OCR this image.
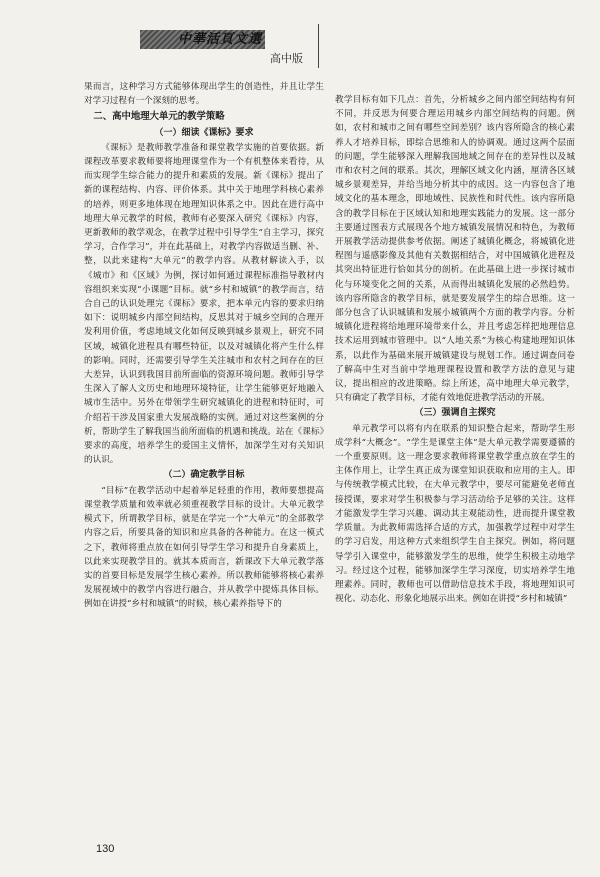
中華活頁文選
高中版

果而言，这种学习方式能够体现出学生的创造性，并且让学生对学习过程有一个深刻的思考。

二、高中地理大单元的教学策略
（一）细读《课标》要求

《课标》是教师教学准备和课堂教学实施的首要依据。新课程改革要求教师要将地理课堂作为一个有机整体来看待，从而实现学生综合能力的提升和素质的发展。新《课标》提出了新的课程结构、内容、评价体系。其中关于地理学科核心素养的培养，则更多地体现在地理知识体系之中。因此在进行高中地理大单元教学的时候，教师有必要深入研究《课标》内容，更新教师的教学观念，在教学过程中引导学生“自主学习，探究学习，合作学习”，并在此基础上，对教学内容做适当删、补、整，以此来建构“大单元”的教学内容。从教材解读入手，以《城市》和《区域》为例，探讨如何通过课程标准指导教材内容组织来实现“小课题”目标。就“乡村和城镇”的教学而言，结合自己的认识处理完《课标》要求，把本单元内容的要求归纳如下：说明城乡内部空间结构，反思其对于城乡空间的合理开发利用价值，考虑地域文化如何反映到城乡景观上，研究不同区域，城镇化进程具有哪些特征，以及对城镇化将产生什么样的影响。同时，还需要引导学生关注城市和农村之间存在的巨大差异，认识到我国目前所面临的资源环境问题。教师引导学生深入了解人文历史和地理环境特征，让学生能够更好地融入城市生活中。另外在带领学生研究城镇化的进程和特征时，可介绍若干涉及国家重大发展战略的实例。通过对这些案例的分析，帮助学生了解我国当前所面临的机遇和挑战。站在《课标》要求的高度，培养学生的爱国主义情怀，加深学生对有关知识的认识。

（二）确定教学目标

“目标”在教学活动中起着举足轻重的作用，教师要想提高课堂教学质量和效率就必须重视教学目标的设计。大单元教学模式下，所谓教学目标，就是在学完一个“大单元”的全部教学内容之后，所要具备的知识和应具备的各种能力。在这一模式之下，教师将重点放在如何引导学生学习和提升自身素质上，以此来实现教学目的。就其本质而言，新课改下大单元教学落实的首要目标是发展学生核心素养。所以教师能够将核心素养发展视域中的教学内容进行融合，并从教学中提炼具体目标。例如在讲授“乡村和城镇”的时候，核心素养指导下的

教学目标有如下几点：首先，分析城乡之间内部空间结构有何不同，并反思为何要合理运用城乡内部空间结构的问题。例如，农村和城市之间有哪些空间差别？该内容所隐含的核心素养人才培养目标，即综合思维和人的协调观。通过这两个层面的问题，学生能够深入理解我国地域之间存在的差异性以及城市和农村之间的联系。其次，理解区域文化内涵，厘清各区域城乡景观差异，并给当地分析其中的成因。这一内容包含了地域文化的基本理念，即地域性、民族性和时代性。该内容所隐含的教学目标在于区域认知和地理实践能力的发展。这一部分主要通过图表方式展现各个地方城镇发展情况和特色，为教师开展教学活动提供参考依据。阐述了城镇化概念，将城镇化进程图与遥感影像及其他有关数据相结合，对中国城镇化进程及其突出特征进行恰如其分的剖析。在此基础上进一步探讨城市化与环境变化之间的关系，从而得出城镇化发展的必然趋势。该内容所隐含的教学目标，就是要发展学生的综合思维。这一部分包含了认识城镇和发展小城镇两个方面的教学内容。分析城镇化进程将给地理环境带来什么，并且考虑怎样把地理信息技术运用到城市管理中。以“人地关系”为核心构建地理知识体系，以此作为基础来展开城镇建设与规划工作。通过调查问卷了解高中生对当前中学地理课程设置和教学方法的意见与建议，提出相应的改进策略。综上所述，高中地理大单元教学，只有确定了教学目标，才能有效地促进教学活动的开展。

（三）强调自主探究

单元教学可以将有内在联系的知识整合起来，帮助学生形成学科“大概念”。“学生是课堂主体”是大单元教学需要遵循的一个重要原则。这一理念要求教师将课堂教学重点放在学生的主体作用上，让学生真正成为课堂知识获取和应用的主人。即与传统教学模式比较，在大单元教学中，要尽可能避免老师直接授课，要求对学生积极参与学习活动给予足够的关注。这样才能激发学生学习兴趣、调动其主观能动性，进而提升课堂教学质量。为此教师需选择合适的方式，加强教学过程中对学生的学习启发，用这种方式来组织学生自主探究。例如，将问题导学引入课堂中，能够激发学生的思维，使学生积极主动地学习。经过这个过程，能够加深学生学习深度，切实培养学生地理素养。同时，教师也可以借助信息技术手段，将地理知识可视化、动态化、形象化地展示出来。例如在讲授“乡村和城镇”

130
